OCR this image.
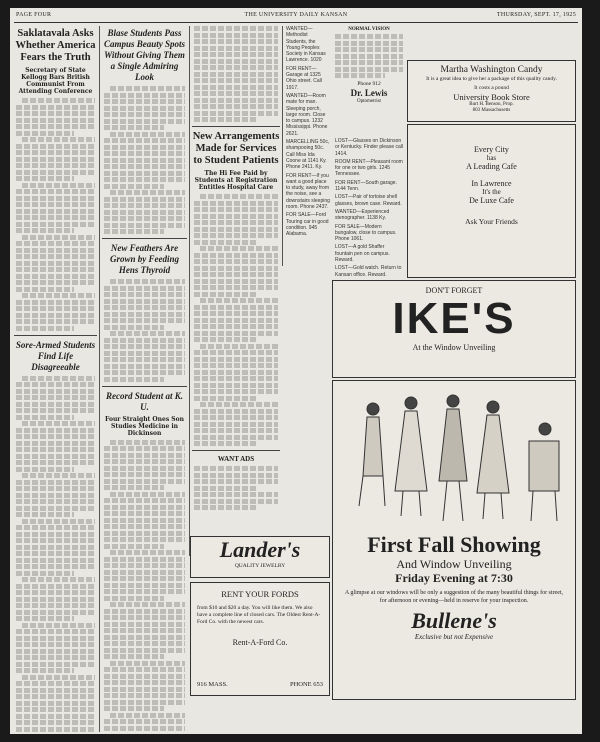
PAGE FOUR	THE UNIVERSITY DAILY KANSAN	THURSDAY, SEPT. 17, 1925
Saklatavala Asks Whether America Fears the Truth
Secretary of State Kellogg Bars British Communist From Attending Conference
Sore-Armed Students Find Life Disagreeable
Blase Students Pass Campus Beauty Spots Without Giving Them a Single Admiring Look
New Feathers Are Grown by Feeding Hens Thyroid
Record Student at K. U.
Four Straight Ones Son Studies Medicine in Dickinson
New Arrangements Made for Services to Student Patients
The Hi Fee Paid by Students at Registration Entitles Hospital Care
WANT ADS
WANTED—Methodist Students, the Young Peoples Society in Kansas Lawrence. 1020
FOR RENT—Garage at 1325 Ohio street. Call 1917.
WANTED—Room mate for man. Sleeping porch, large room. Close to campus. 1232 Mississippi. Phone 2621.
MARCELLING 50c, shampooing 50c. Call Miss Ida Coone at 1141 Ky. Phone 2411. Ky.
FOR RENT—If you want a good place to study, away from the noise, see a downstairs sleeping room. Phone 2437.
FOR SALE—Ford Touring car in good condition. 945 Alabama.
NORMAL VISION
Phone 912
Dr. Lewis
Optometrist
LOST—Glasses on Dickinson or Kentucky. Finder please call 1414.
ROOM RENT—Pleasant room for one or two girls. 1245 Tennessee.
FOR RENT—South garage. 1144 Tenn.
LOST—Pair of tortoise shell glasses, brown case. Reward.
WANTED—Experienced stenographer. 1138 Ky.
FOR SALE—Modern bungalow, close to campus. Phone 1061.
LOST—A gold Shaffer fountain pen on campus. Reward.
LOST—Gold watch. Return to Kansan office. Reward.
Martha Washington Candy
It is a great idea to give her a package of this quality candy.
It costs a pound
University Book Store
Burt H. Benson, Prop.
803 Massachusetts
Every City
has
A Leading Cafe
In Lawrence
It's the
De Luxe Cafe
Ask Your Friends
DON'T FORGET
IKE'S
At the Window Unveiling
First Fall Showing
And Window Unveiling
Friday Evening at 7:30
A glimpse at our windows will be only a suggestion of the many beautiful things for street, for afternoon or evening—held in reserve for your inspection.
Bullene's
Exclusive but not Expensive
Lander's
QUALITY JEWELRY
RENT YOUR FORDS
from $10 and $20 a day. You will like them. We also have a complete line of closed cars. The Oldest Rent-A-Ford Co. with the newest cars.
Rent-A-Ford Co.
916 MASS.	PHONE 653
